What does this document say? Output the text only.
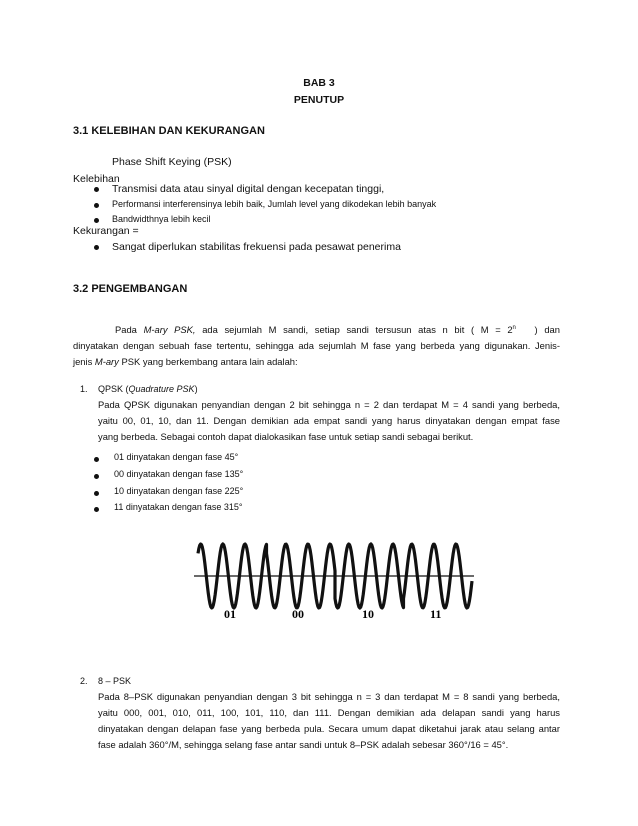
BAB 3
PENUTUP
3.1 KELEBIHAN DAN KEKURANGAN
Phase Shift Keying (PSK)
Kelebihan
Transmisi data atau sinyal digital dengan kecepatan tinggi,
Performansi interferensinya lebih baik, Jumlah level yang dikodekan lebih banyak
Bandwidthnya lebih kecil
Kekurangan =
Sangat diperlukan stabilitas frekuensi pada pesawat penerima
3.2 PENGEMBANGAN
Pada M-ary PSK, ada sejumlah M sandi, setiap sandi tersusun atas n bit ( $M = 2^n$ ) dan
dinyatakan dengan sebuah fase tertentu, sehingga ada sejumlah M fase yang berbeda yang digunakan. Jenis-
jenis M-ary PSK yang berkembang antara lain adalah:
1. QPSK (Quadrature PSK)
Pada QPSK digunakan penyandian dengan 2 bit sehingga n = 2 dan terdapat M = 4 sandi yang berbeda,
yaitu 00, 01, 10, dan 11. Dengan demikian ada empat sandi yang harus dinyatakan dengan empat fase
yang berbeda. Sebagai contoh dapat dialokasikan fase untuk setiap sandi sebagai berikut.
01 dinyatakan dengan fase 45°
00 dinyatakan dengan fase 135°
10 dinyatakan dengan fase 225°
11 dinyatakan dengan fase 315°
01	00	10	11
2. 8 – PSK
Pada 8–PSK digunakan penyandian dengan 3 bit sehingga n = 3 dan terdapat M = 8 sandi yang berbeda,
yaitu 000, 001, 010, 011, 100, 101, 110, dan 111. Dengan demikian ada delapan sandi yang harus
dinyatakan dengan delapan fase yang berbeda pula. Secara umum dapat diketahui jarak atau selang antar
fase adalah 360°/M, sehingga selang fase antar sandi untuk 8–PSK adalah sebesar 360°/16 = 45°.
